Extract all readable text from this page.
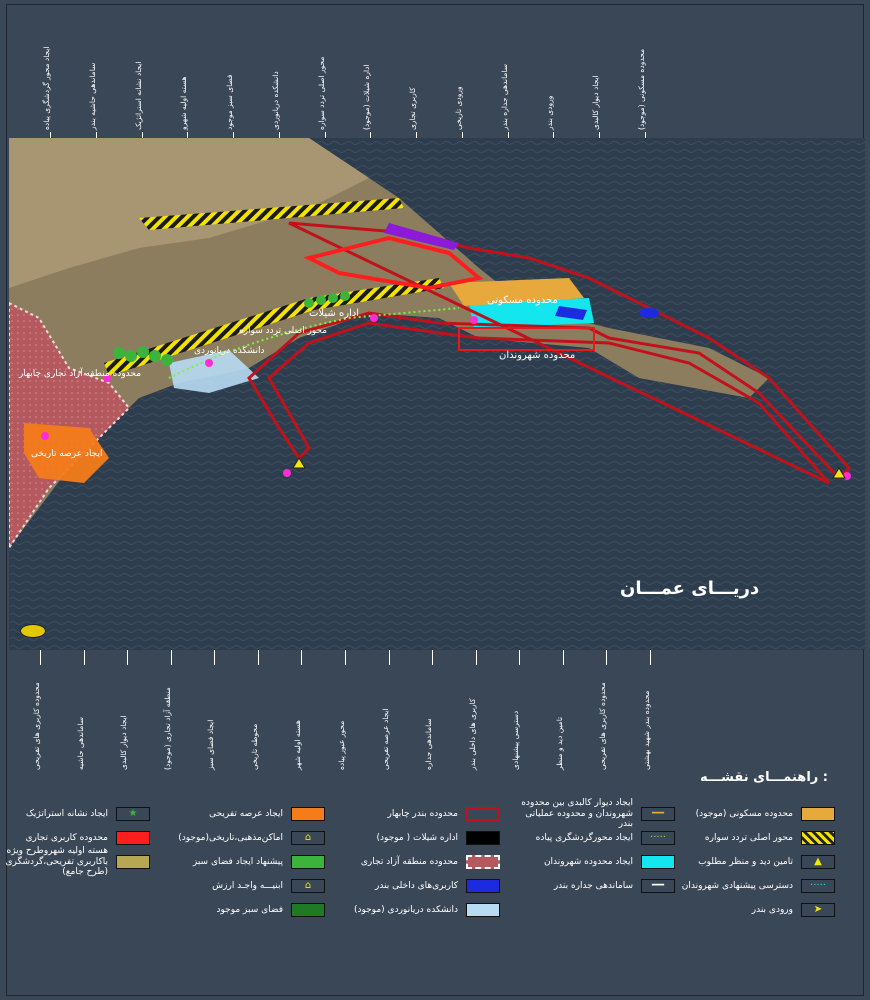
محدوده مسکونی (موجود)
ایجاد دیوار کالبدی
ورودی بندر
ساماندهی جداره بندر
ورودی تاریخی
کاربری تجاری
اداره شیلات (موجود)
محور اصلی تردد سواره
دانشکده دریانوردی
فضای سبز موجود
هسته اولیه شهرو
ایجاد نشانه استراتژیک
ساماندهی حاشیه بندر
ایجاد محور گردشگری پیاده
محدوده بندر شهید بهشتی
محدوده کاربری های تفریحی
تامین دید و منظر
دسترسی پیشنهادی
کاربری های داخلی بندر
ساماندهی جداره
ایجاد عرصه تفریحی
محور عبور پیاده
هسته اولیه شهر
محوطه تاریخی
ایجاد فضای سبز
منطقه آزاد تجاری (موجود)
ایجاد دیوار کالبدی
ساماندهی حاشیه
محدوده کاربری های تفریحی
محدوده مسکونی
محدوده شهروندان
اداره شیلات
محور اصلی تردد سواره
دانشکده دریانوردی
محدوده منطقه آزاد تجاری چابهار
ایجاد عرصه تاریخی
دریـــای عمـــان
راهنمـــای نقشـــه :
محدوده مسکونی (موجود)
محور اصلی تردد سواره
تامین دید و منظر مطلوب	▲
دسترسی پیشنهادی شهروندان	·····
ورودی بندر	➤
ایجاد دیوار کالبدی بین محدوده شهروندان و محدوده عملیاتی بندر
━━
ایجاد محورگردشگری پیاده	·····
ایجاد محدوده شهروندان
ساماندهی جداره بندر	━━
محدوده بندر چابهار
اداره شیلات ( موجود)
محدوده منطقه آزاد تجاری
کاربری‌های داخلی بندر
دانشکده دریانوردی (موجود)
ایجاد عرصه تفریحی
اماکن‌مذهبی،تاریخی(موجود)	⌂
پیشنهاد ایجاد فضای سبز
ابنیـــه واجـد ارزش	⌂
فضای سبز موجود
ایجاد نشانه استراتژیک	★
محدوده کاربری تجاری
هسته اولیه شهروطرح ویژه باکاربری تفریحی،گردشگری (طرح جامع)
